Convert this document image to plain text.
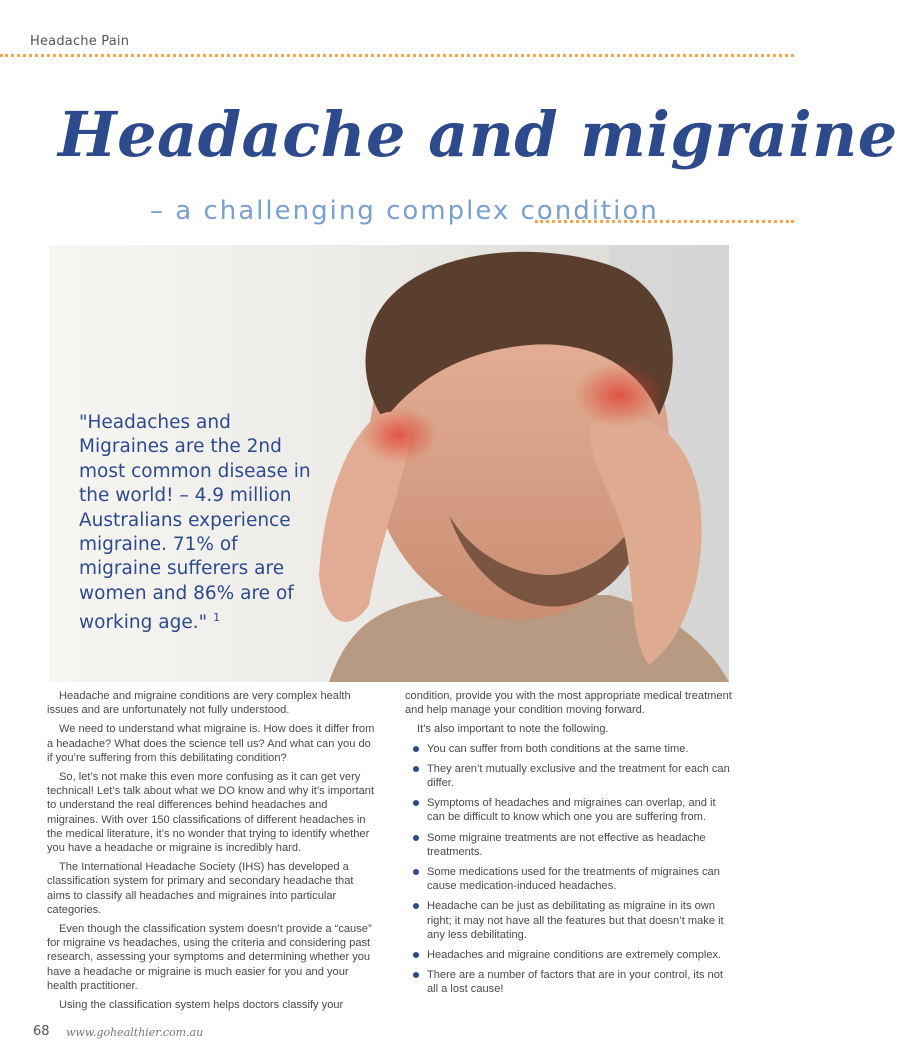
Headache Pain
Headache and migraine
– a challenging complex condition
"Headaches and Migraines are the 2nd most common disease in the world! – 4.9 million Australians experience migraine. 71% of migraine sufferers are women and 86% are of working age." $^1$

Headache and migraine conditions are very complex health issues and are unfortunately not fully understood.

We need to understand what migraine is. How does it differ from a headache? What does the science tell us? And what can you do if you’re suffering from this debilitating condition?

So, let’s not make this even more confusing as it can get very technical! Let’s talk about what we DO know and why it’s important to understand the real differences behind headaches and migraines. With over 150 classifications of different headaches in the medical literature, it’s no wonder that trying to identify whether you have a headache or migraine is incredibly hard.

The International Headache Society (IHS) has developed a classification system for primary and secondary headache that aims to classify all headaches and migraines into particular categories.

Even though the classification system doesn’t provide a “cause” for migraine vs headaches, using the criteria and considering past research, assessing your symptoms and determining whether you have a headache or migraine is much easier for you and your health practitioner.

Using the classification system helps doctors classify your

condition, provide you with the most appropriate medical treatment and help manage your condition moving forward.

It’s also important to note the following.

You can suffer from both conditions at the same time.
They aren’t mutually exclusive and the treatment for each can differ.
Symptoms of headaches and migraines can overlap, and it can be difficult to know which one you are suffering from.
Some migraine treatments are not effective as headache treatments.
Some medications used for the treatments of migraines can cause medication-induced headaches.
Headache can be just as debilitating as migraine in its own right; it may not have all the features but that doesn’t make it any less debilitating.
Headaches and migraine conditions are extremely complex.
There are a number of factors that are in your control, its not all a lost cause!
68 www.gohealthier.com.au
